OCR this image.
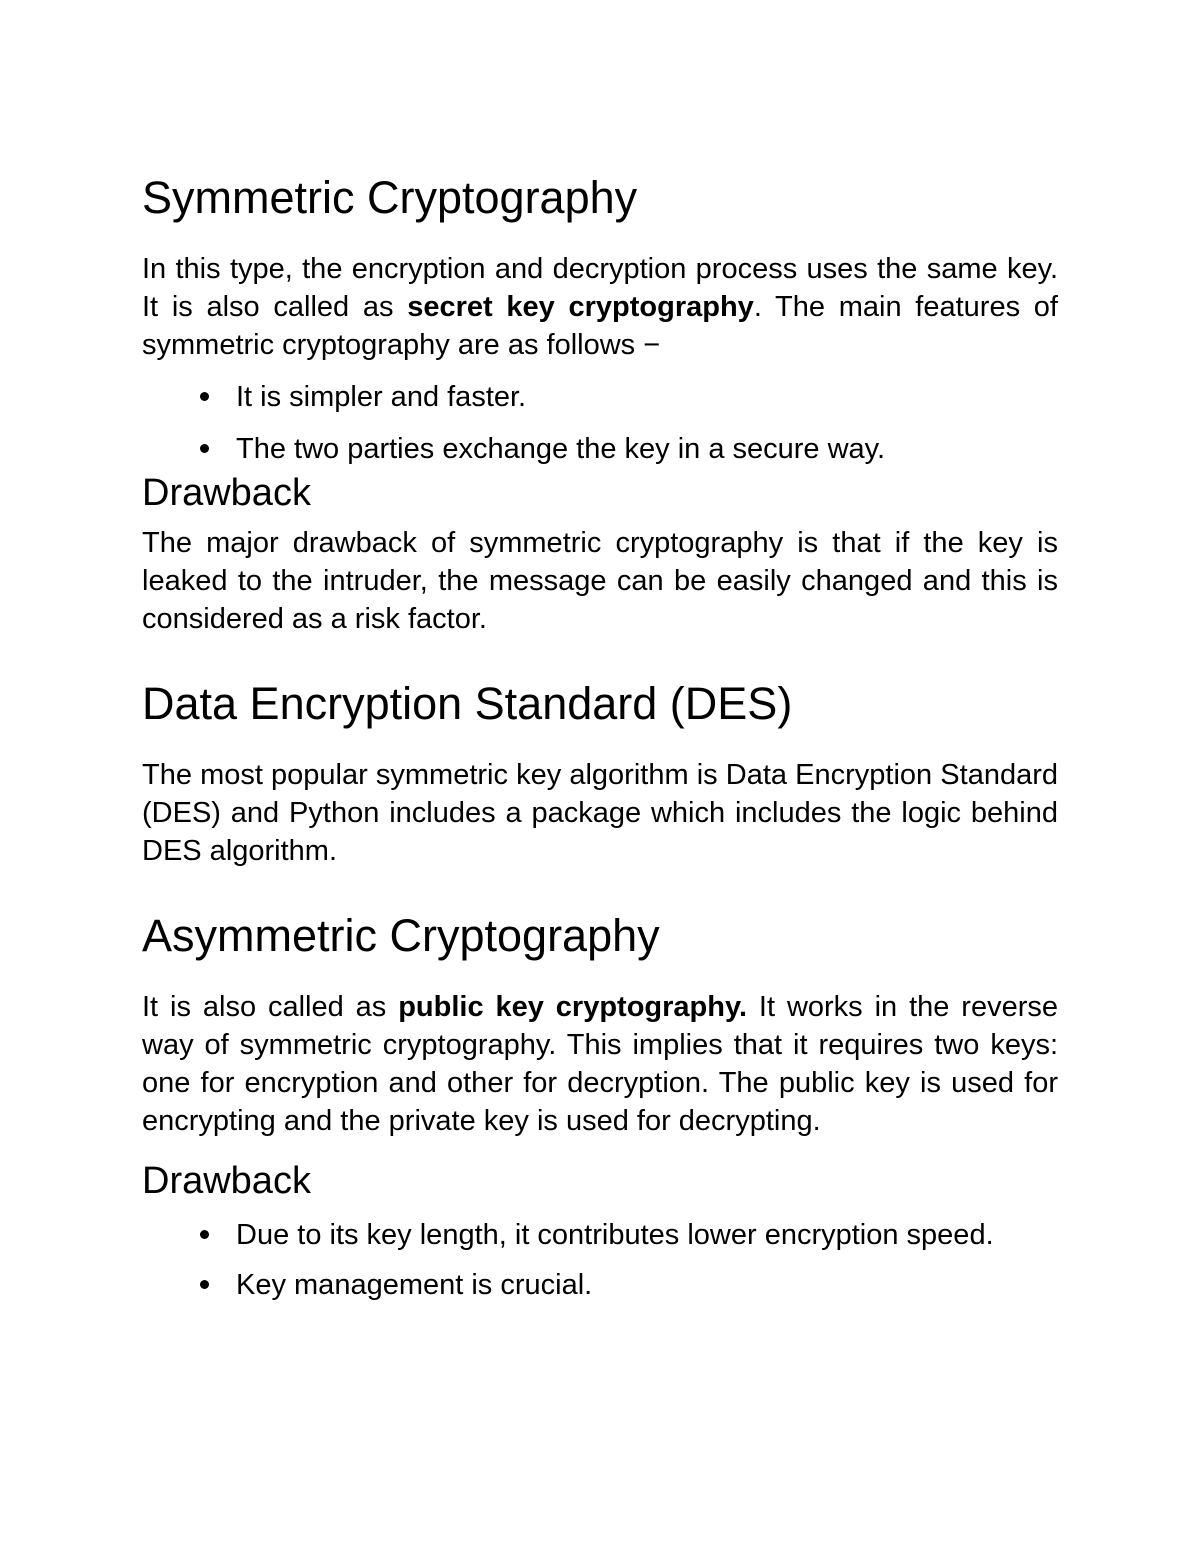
Symmetric Cryptography

In this type, the encryption and decryption process uses the same key. It is also called as secret key cryptography. The main features of symmetric cryptography are as follows −

It is simpler and faster.
The two parties exchange the key in a secure way.
Drawback

The major drawback of symmetric cryptography is that if the key is leaked to the intruder, the message can be easily changed and this is considered as a risk factor.

Data Encryption Standard (DES)

The most popular symmetric key algorithm is Data Encryption Standard (DES) and Python includes a package which includes the logic behind DES algorithm.

Asymmetric Cryptography

It is also called as public key cryptography. It works in the reverse way of symmetric cryptography. This implies that it requires two keys: one for encryption and other for decryption. The public key is used for encrypting and the private key is used for decrypting.

Drawback
Due to its key length, it contributes lower encryption speed.
Key management is crucial.
